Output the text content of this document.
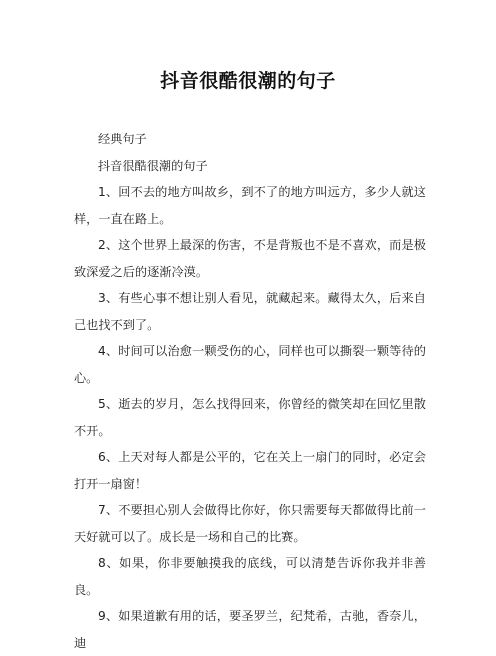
抖音很酷很潮的句子

经典句子

抖音很酷很潮的句子

1、回不去的地方叫故乡，到不了的地方叫远方，多少人就这样，一直在路上。

2、这个世界上最深的伤害，不是背叛也不是不喜欢，而是极致深爱之后的逐渐冷漠。

3、有些心事不想让别人看见，就藏起来。藏得太久，后来自己也找不到了。

4、时间可以治愈一颗受伤的心，同样也可以撕裂一颗等待的心。

5、逝去的岁月，怎么找得回来，你曾经的微笑却在回忆里散不开。

6、上天对每人都是公平的，它在关上一扇门的同时，必定会打开一扇窗！

7、不要担心别人会做得比你好，你只需要每天都做得比前一天好就可以了。成长是一场和自己的比赛。

8、如果，你非要触摸我的底线，可以清楚告诉你我并非善良。

9、如果道歉有用的话，要圣罗兰，纪梵希，古驰，香奈儿，迪
